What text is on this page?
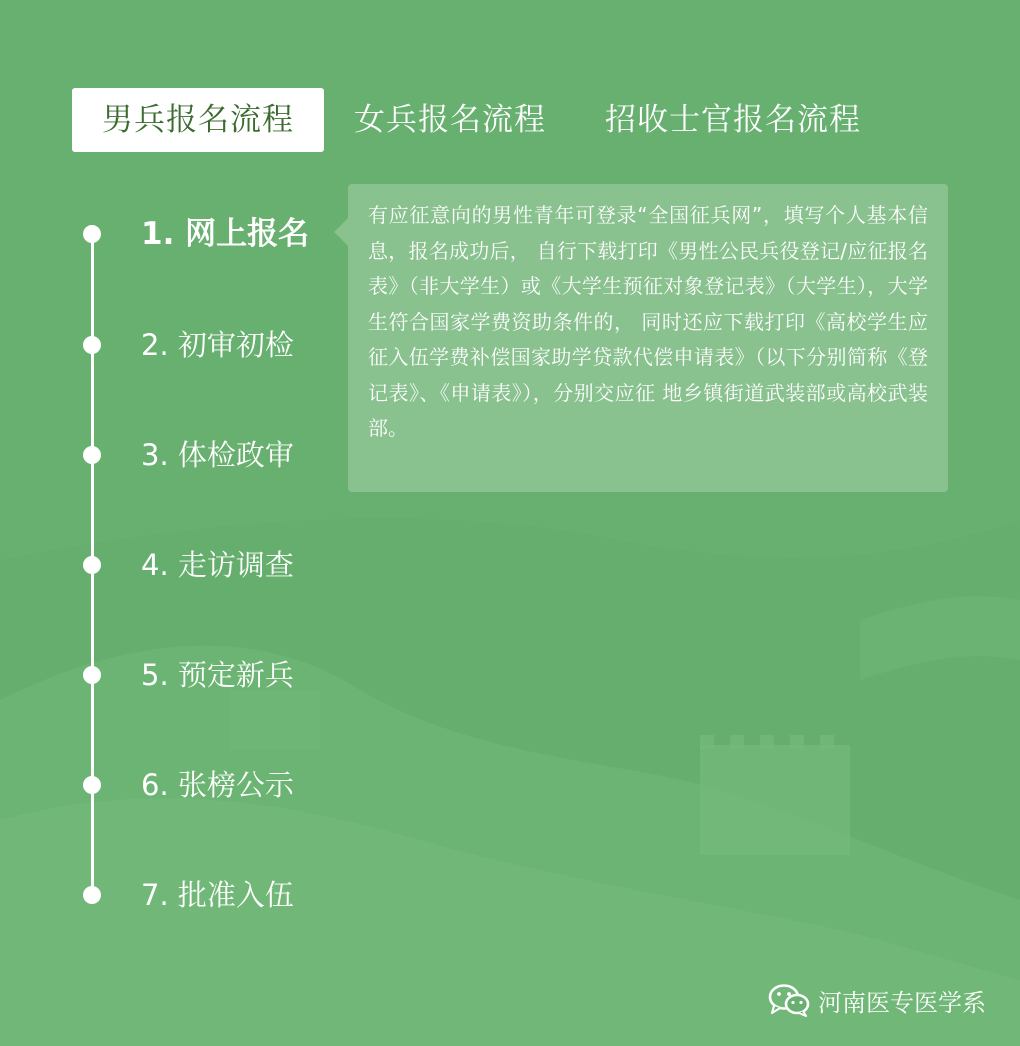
男兵报名流程	女兵报名流程 招收士官报名流程
1. 网上报名
2. 初审初检
3. 体检政审
4. 走访调查
5. 预定新兵
6. 张榜公示
7. 批准入伍

有应征意向的男性青年可登录“全国征兵网”，填写个人基本信息，报名成功后， 自行下载打印《男性公民兵役登记/应征报名表》（非大学生）或《大学生预征对象登记表》（大学生），大学生符合国家学费资助条件的， 同时还应下载打印《高校学生应征入伍学费补偿国家助学贷款代偿申请表》（以下分别简称《登记表》、《申请表》），分别交应征 地乡镇街道武装部或高校武装部。

河南医专医学系
